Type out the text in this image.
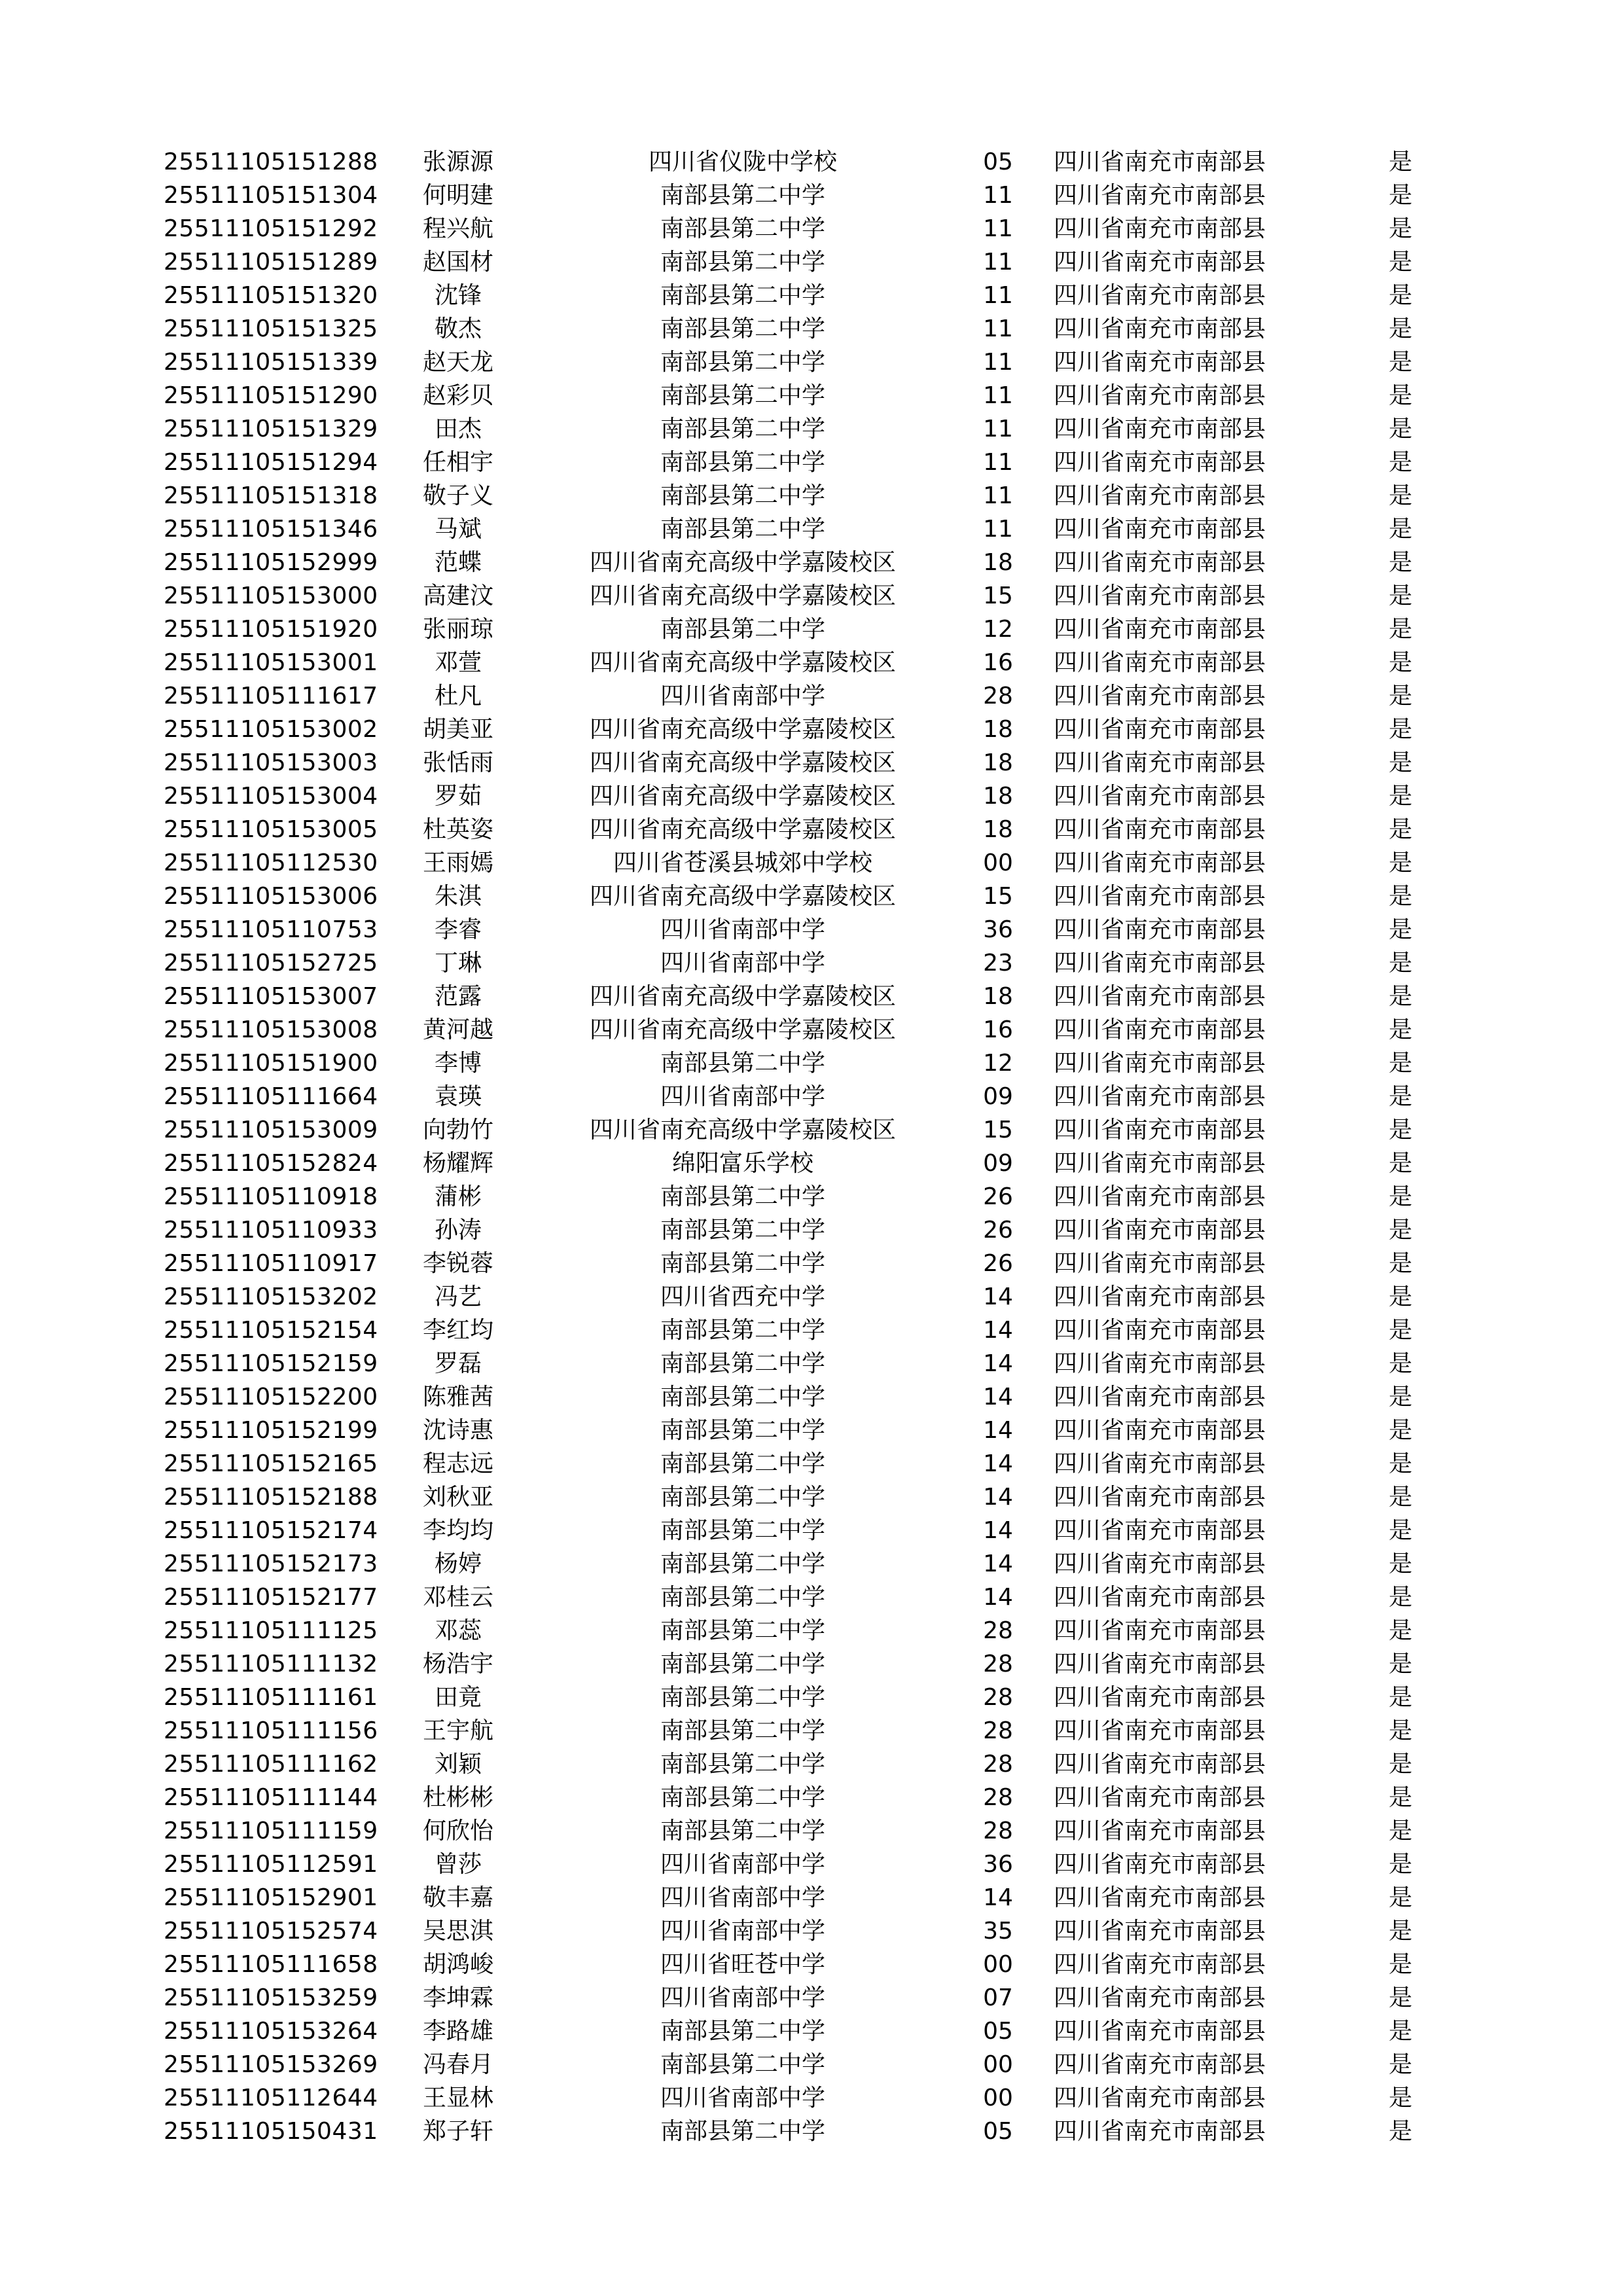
25511105151288	张源源	四川省仪陇中学校	05	四川省南充市南部县	是
25511105151304	何明建	南部县第二中学	11	四川省南充市南部县	是
25511105151292	程兴航	南部县第二中学	11	四川省南充市南部县	是
25511105151289	赵国材	南部县第二中学	11	四川省南充市南部县	是
25511105151320	沈锋	南部县第二中学	11	四川省南充市南部县	是
25511105151325	敬杰	南部县第二中学	11	四川省南充市南部县	是
25511105151339	赵天龙	南部县第二中学	11	四川省南充市南部县	是
25511105151290	赵彩贝	南部县第二中学	11	四川省南充市南部县	是
25511105151329	田杰	南部县第二中学	11	四川省南充市南部县	是
25511105151294	任相宇	南部县第二中学	11	四川省南充市南部县	是
25511105151318	敬子义	南部县第二中学	11	四川省南充市南部县	是
25511105151346	马斌	南部县第二中学	11	四川省南充市南部县	是
25511105152999	范蝶	四川省南充高级中学嘉陵校区	18	四川省南充市南部县	是
25511105153000	高建汶	四川省南充高级中学嘉陵校区	15	四川省南充市南部县	是
25511105151920	张丽琼	南部县第二中学	12	四川省南充市南部县	是
25511105153001	邓萱	四川省南充高级中学嘉陵校区	16	四川省南充市南部县	是
25511105111617	杜凡	四川省南部中学	28	四川省南充市南部县	是
25511105153002	胡美亚	四川省南充高级中学嘉陵校区	18	四川省南充市南部县	是
25511105153003	张恬雨	四川省南充高级中学嘉陵校区	18	四川省南充市南部县	是
25511105153004	罗茹	四川省南充高级中学嘉陵校区	18	四川省南充市南部县	是
25511105153005	杜英姿	四川省南充高级中学嘉陵校区	18	四川省南充市南部县	是
25511105112530	王雨嫣	四川省苍溪县城郊中学校	00	四川省南充市南部县	是
25511105153006	朱淇	四川省南充高级中学嘉陵校区	15	四川省南充市南部县	是
25511105110753	李睿	四川省南部中学	36	四川省南充市南部县	是
25511105152725	丁琳	四川省南部中学	23	四川省南充市南部县	是
25511105153007	范露	四川省南充高级中学嘉陵校区	18	四川省南充市南部县	是
25511105153008	黄河越	四川省南充高级中学嘉陵校区	16	四川省南充市南部县	是
25511105151900	李博	南部县第二中学	12	四川省南充市南部县	是
25511105111664	袁瑛	四川省南部中学	09	四川省南充市南部县	是
25511105153009	向勃竹	四川省南充高级中学嘉陵校区	15	四川省南充市南部县	是
25511105152824	杨耀辉	绵阳富乐学校	09	四川省南充市南部县	是
25511105110918	蒲彬	南部县第二中学	26	四川省南充市南部县	是
25511105110933	孙涛	南部县第二中学	26	四川省南充市南部县	是
25511105110917	李锐蓉	南部县第二中学	26	四川省南充市南部县	是
25511105153202	冯艺	四川省西充中学	14	四川省南充市南部县	是
25511105152154	李红均	南部县第二中学	14	四川省南充市南部县	是
25511105152159	罗磊	南部县第二中学	14	四川省南充市南部县	是
25511105152200	陈雅茜	南部县第二中学	14	四川省南充市南部县	是
25511105152199	沈诗惠	南部县第二中学	14	四川省南充市南部县	是
25511105152165	程志远	南部县第二中学	14	四川省南充市南部县	是
25511105152188	刘秋亚	南部县第二中学	14	四川省南充市南部县	是
25511105152174	李均均	南部县第二中学	14	四川省南充市南部县	是
25511105152173	杨婷	南部县第二中学	14	四川省南充市南部县	是
25511105152177	邓桂云	南部县第二中学	14	四川省南充市南部县	是
25511105111125	邓蕊	南部县第二中学	28	四川省南充市南部县	是
25511105111132	杨浩宇	南部县第二中学	28	四川省南充市南部县	是
25511105111161	田竟	南部县第二中学	28	四川省南充市南部县	是
25511105111156	王宇航	南部县第二中学	28	四川省南充市南部县	是
25511105111162	刘颖	南部县第二中学	28	四川省南充市南部县	是
25511105111144	杜彬彬	南部县第二中学	28	四川省南充市南部县	是
25511105111159	何欣怡	南部县第二中学	28	四川省南充市南部县	是
25511105112591	曾莎	四川省南部中学	36	四川省南充市南部县	是
25511105152901	敬丰嘉	四川省南部中学	14	四川省南充市南部县	是
25511105152574	吴思淇	四川省南部中学	35	四川省南充市南部县	是
25511105111658	胡鸿峻	四川省旺苍中学	00	四川省南充市南部县	是
25511105153259	李坤霖	四川省南部中学	07	四川省南充市南部县	是
25511105153264	李路雄	南部县第二中学	05	四川省南充市南部县	是
25511105153269	冯春月	南部县第二中学	00	四川省南充市南部县	是
25511105112644	王显林	四川省南部中学	00	四川省南充市南部县	是
25511105150431	郑子轩	南部县第二中学	05	四川省南充市南部县	是
